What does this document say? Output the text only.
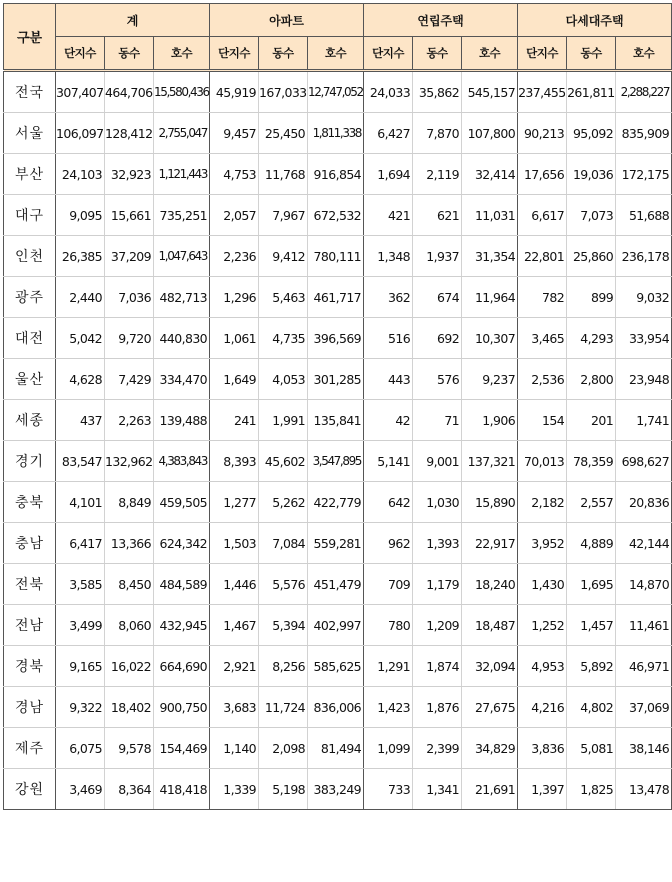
구분	계			아파트			연립주택			다세대주택		
	단지수	동수	호수	단지수	동수	호수	단지수	동수	호수	단지수	동수	호수
전국	307,407	464,706	15,580,436	45,919	167,033	12,747,052	24,033	35,862	545,157	237,455	261,811	2,288,227
서울	106,097	128,412	2,755,047	9,457	25,450	1,811,338	6,427	7,870	107,800	90,213	95,092	835,909
부산	24,103	32,923	1,121,443	4,753	11,768	916,854	1,694	2,119	32,414	17,656	19,036	172,175
대구	9,095	15,661	735,251	2,057	7,967	672,532	421	621	11,031	6,617	7,073	51,688
인천	26,385	37,209	1,047,643	2,236	9,412	780,111	1,348	1,937	31,354	22,801	25,860	236,178
광주	2,440	7,036	482,713	1,296	5,463	461,717	362	674	11,964	782	899	9,032
대전	5,042	9,720	440,830	1,061	4,735	396,569	516	692	10,307	3,465	4,293	33,954
울산	4,628	7,429	334,470	1,649	4,053	301,285	443	576	9,237	2,536	2,800	23,948
세종	437	2,263	139,488	241	1,991	135,841	42	71	1,906	154	201	1,741
경기	83,547	132,962	4,383,843	8,393	45,602	3,547,895	5,141	9,001	137,321	70,013	78,359	698,627
충북	4,101	8,849	459,505	1,277	5,262	422,779	642	1,030	15,890	2,182	2,557	20,836
충남	6,417	13,366	624,342	1,503	7,084	559,281	962	1,393	22,917	3,952	4,889	42,144
전북	3,585	8,450	484,589	1,446	5,576	451,479	709	1,179	18,240	1,430	1,695	14,870
전남	3,499	8,060	432,945	1,467	5,394	402,997	780	1,209	18,487	1,252	1,457	11,461
경북	9,165	16,022	664,690	2,921	8,256	585,625	1,291	1,874	32,094	4,953	5,892	46,971
경남	9,322	18,402	900,750	3,683	11,724	836,006	1,423	1,876	27,675	4,216	4,802	37,069
제주	6,075	9,578	154,469	1,140	2,098	81,494	1,099	2,399	34,829	3,836	5,081	38,146
강원	3,469	8,364	418,418	1,339	5,198	383,249	733	1,341	21,691	1,397	1,825	13,478
